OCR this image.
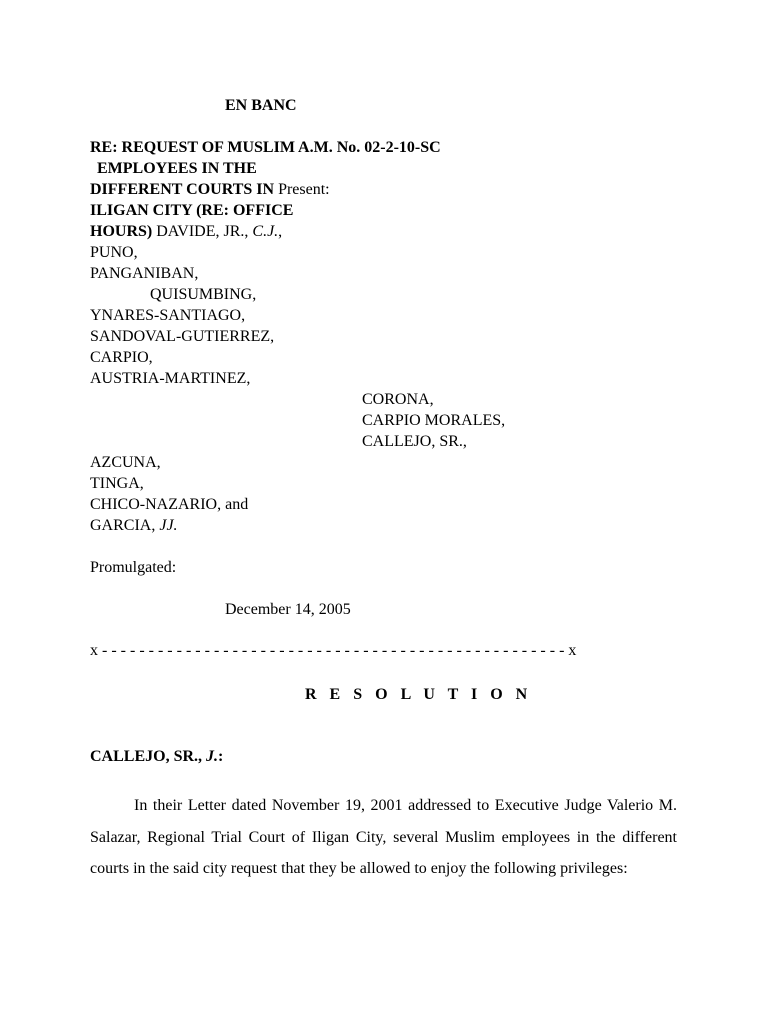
EN BANC
RE: REQUEST OF MUSLIM A.M. No. 02-2-10-SC
EMPLOYEES IN THE
DIFFERENT COURTS IN Present:
ILIGAN CITY (RE: OFFICE
HOURS) DAVIDE, JR., C.J.,
PUNO,
PANGANIBAN,
QUISUMBING,
YNARES-SANTIAGO,
SANDOVAL-GUTIERREZ,
CARPIO,
AUSTRIA-MARTINEZ,
CORONA,
CARPIO MORALES,
CALLEJO, SR.,
AZCUNA,
TINGA,
CHICO-NAZARIO, and
GARCIA, JJ.
Promulgated:
December 14, 2005
x - - - - - - - - - - - - - - - - - - - - - - - - - - - - - - - - - - - - - - - - - - - - - - - - - - x
R E S O L U T I O N
CALLEJO, SR., J.:
In their Letter dated November 19, 2001 addressed to Executive Judge Valerio M. Salazar, Regional Trial Court of Iligan City, several Muslim employees in the different courts in the said city request that they be allowed to enjoy the following privileges:
